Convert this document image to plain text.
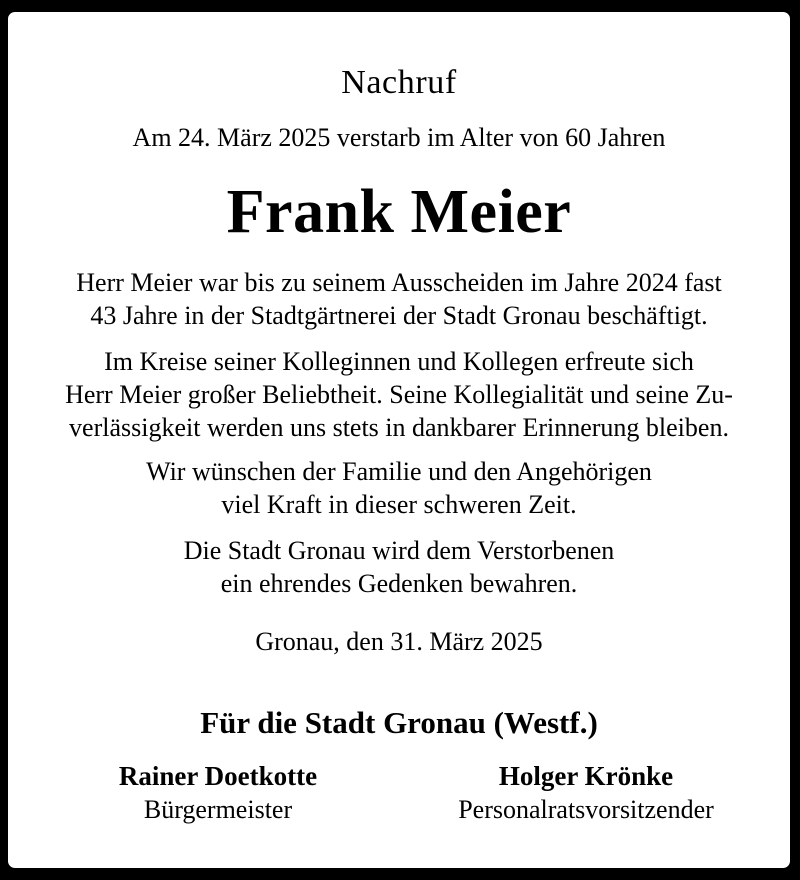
Nachruf
Am 24. März 2025 verstarb im Alter von 60 Jahren
Frank Meier
Herr Meier war bis zu seinem Ausscheiden im Jahre 2024 fast
43 Jahre in der Stadtgärtnerei der Stadt Gronau beschäftigt.
Im Kreise seiner Kolleginnen und Kollegen erfreute sich
Herr Meier großer Beliebtheit. Seine Kollegialität und seine Zu-
verlässigkeit werden uns stets in dankbarer Erinnerung bleiben.
Wir wünschen der Familie und den Angehörigen
viel Kraft in dieser schweren Zeit.
Die Stadt Gronau wird dem Verstorbenen
ein ehrendes Gedenken bewahren.
Gronau, den 31. März 2025
Für die Stadt Gronau (Westf.)
Rainer Doetkotte	Holger Krönke
Bürgermeister	Personalratsvorsitzender
